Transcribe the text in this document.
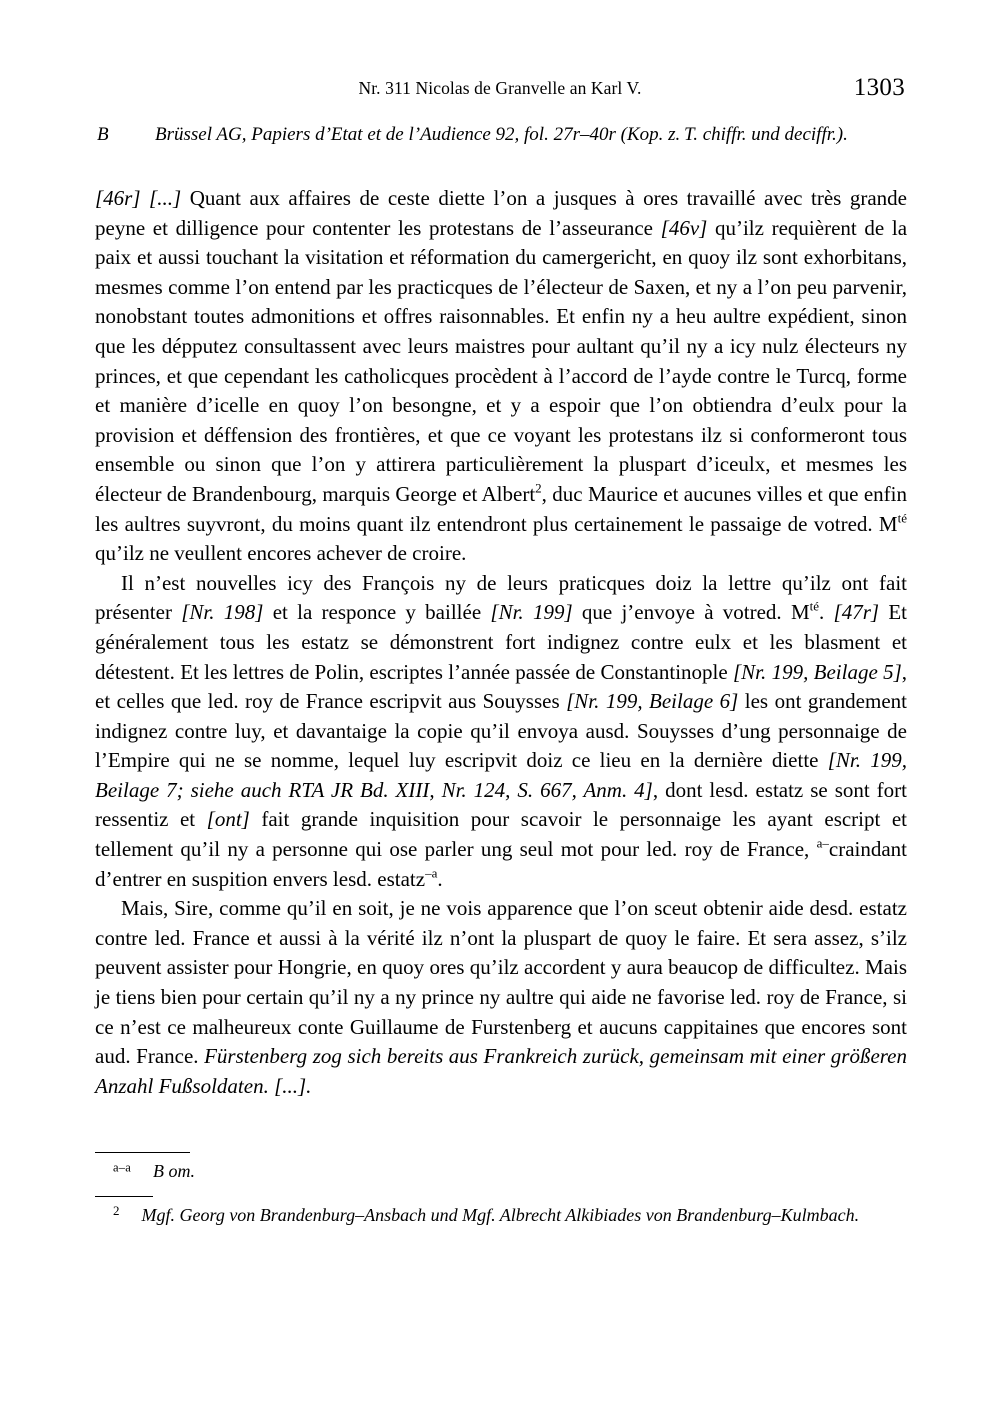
Nr. 311 Nicolas de Granvelle an Karl V.	1303
B Brüssel AG, Papiers d’Etat et de l’Audience 92, fol. 27r–40r (Kop. z. T. chiffr. und deciffr.).

[46r] [...] Quant aux affaires de ceste diette l’on a jusques à ores travaillé avec très grande peyne et dilligence pour contenter les protestans de l’asseurance [46v] qu’ilz requièrent de la paix et aussi touchant la visitation et réformation du camergericht, en quoy ilz sont exhorbitans, mesmes comme l’on entend par les practicques de l’électeur de Saxen, et ny a l’on peu parvenir, nonobstant toutes admonitions et offres raisonnables. Et enfin ny a heu aultre expédient, sinon que les dépputez consultassent avec leurs maistres pour aultant qu’il ny a icy nulz électeurs ny princes, et que cependant les catholicques procèdent à l’accord de l’ayde contre le Turcq, forme et manière d’icelle en quoy l’on besongne, et y a espoir que l’on obtiendra d’eulx pour la provision et déffension des frontières, et que ce voyant les protestans ilz si conformeront tous ensemble ou sinon que l’on y attirera particulièrement la pluspart d’iceulx, et mesmes les électeur de Brandenbourg, marquis George et Albert$^2$, duc Maurice et aucunes villes et que enfin les aultres suyvront, du moins quant ilz entendront plus certainement le passaige de votred. $M^{té}$ qu’ilz ne veullent encores achever de croire.

Il n’est nouvelles icy des François ny de leurs praticques doiz la lettre qu’ilz ont fait présenter [Nr. 198] et la responce y baillée [Nr. 199] que j’envoye à votred. $M^{té}$. [47r] Et généralement tous les estatz se démonstrent fort indignez contre eulx et les blasment et détestent. Et les lettres de Polin, escriptes l’année passée de Constantinople [Nr. 199, Beilage 5], et celles que led. roy de France escripvit aus Souysses [Nr. 199, Beilage 6] les ont grandement indignez contre luy, et davantaige la copie qu’il envoya ausd. Souysses d’ung personnaige de l’Empire qui ne se nomme, lequel luy escripvit doiz ce lieu en la dernière diette [Nr. 199, Beilage 7; siehe auch RTA JR Bd. XIII, Nr. 124, S. 667, Anm. 4], dont lesd. estatz se sont fort ressentiz et [ont] fait grande inquisition pour scavoir le personnaige les ayant escript et tellement qu’il ny a personne qui ose parler ung seul mot pour led. roy de France, $^{a-}$craindant d’entrer en suspition envers lesd. estatz$^{-a}$.

Mais, Sire, comme qu’il en soit, je ne vois apparence que l’on sceut obtenir aide desd. estatz contre led. France et aussi à la vérité ilz n’ont la pluspart de quoy le faire. Et sera assez, s’ilz peuvent assister pour Hongrie, en quoy ores qu’ilz accordent y aura beaucop de difficultez. Mais je tiens bien pour certain qu’il ny a ny prince ny aultre qui aide ne favorise led. roy de France, si ce n’est ce malheureux conte Guillaume de Furstenberg et aucuns cappitaines que encores sont aud. France. Fürstenberg zog sich bereits aus Frankreich zurück, gemeinsam mit einer größeren Anzahl Fußsoldaten. [...].

$^{a-a}$ B om.
$^2$ Mgf. Georg von Brandenburg–Ansbach und Mgf. Albrecht Alkibiades von Brandenburg–Kulmbach.
